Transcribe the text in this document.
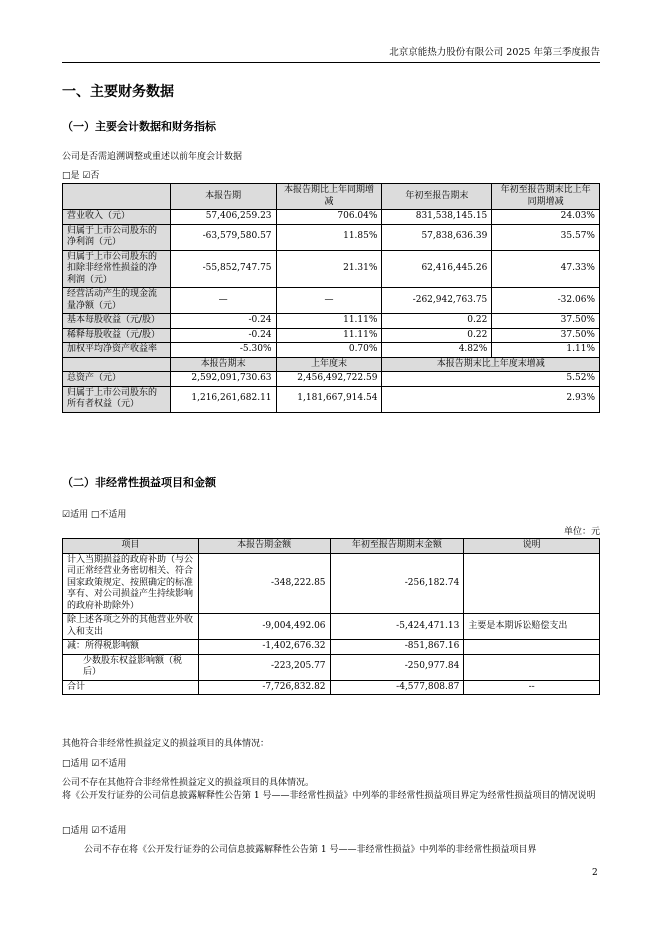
北京京能热力股份有限公司 2025 年第三季度报告
一、主要财务数据
（一）主要会计数据和财务指标
公司是否需追溯调整或重述以前年度会计数据
□是 ☑否
	本报告期	本报告期比上年同期增减	年初至报告期末	年初至报告期末比上年同期增减
营业收入（元）	57,406,259.23	706.04%	831,538,145.15	24.03%
归属于上市公司股东的净利润（元）	-63,579,580.57	11.85%	57,838,636.39	35.57%
归属于上市公司股东的扣除非经常性损益的净利润（元）	-55,852,747.75	21.31%	62,416,445.26	47.33%
经营活动产生的现金流量净额（元）	—	—	-262,942,763.75	-32.06%
基本每股收益（元/股）	-0.24	11.11%	0.22	37.50%
稀释每股收益（元/股）	-0.24	11.11%	0.22	37.50%
加权平均净资产收益率	-5.30%	0.70%	4.82%	1.11%
	本报告期末	上年度末	本报告期末比上年度末增减	
总资产（元）	2,592,091,730.63	2,456,492,722.59	5.52%	
归属于上市公司股东的所有者权益（元）	1,216,261,682.11	1,181,667,914.54	2.93%	
（二）非经常性损益项目和金额
☑适用 □不适用
单位：元
项目	本报告期金额	年初至报告期期末金额	说明
计入当期损益的政府补助（与公司正常经营业务密切相关、符合国家政策规定、按照确定的标准享有、对公司损益产生持续影响的政府补助除外）	-348,222.85	-256,182.74	
除上述各项之外的其他营业外收入和支出	-9,004,492.06	-5,424,471.13	主要是本期诉讼赔偿支出
减：所得税影响额	-1,402,676.32	-851,867.16	
少数股东权益影响额（税后）	-223,205.77	-250,977.84	
合计	-7,726,832.82	-4,577,808.87	--
其他符合非经常性损益定义的损益项目的具体情况：
□适用 ☑不适用
公司不存在其他符合非经常性损益定义的损益项目的具体情况。
将《公开发行证券的公司信息披露解释性公告第 1 号——非经常性损益》中列举的非经常性损益项目界定为经常性损益项目的情况说明
□适用 ☑不适用
公司不存在将《公开发行证券的公司信息披露解释性公告第 1 号——非经常性损益》中列举的非经常性损益项目界
2
